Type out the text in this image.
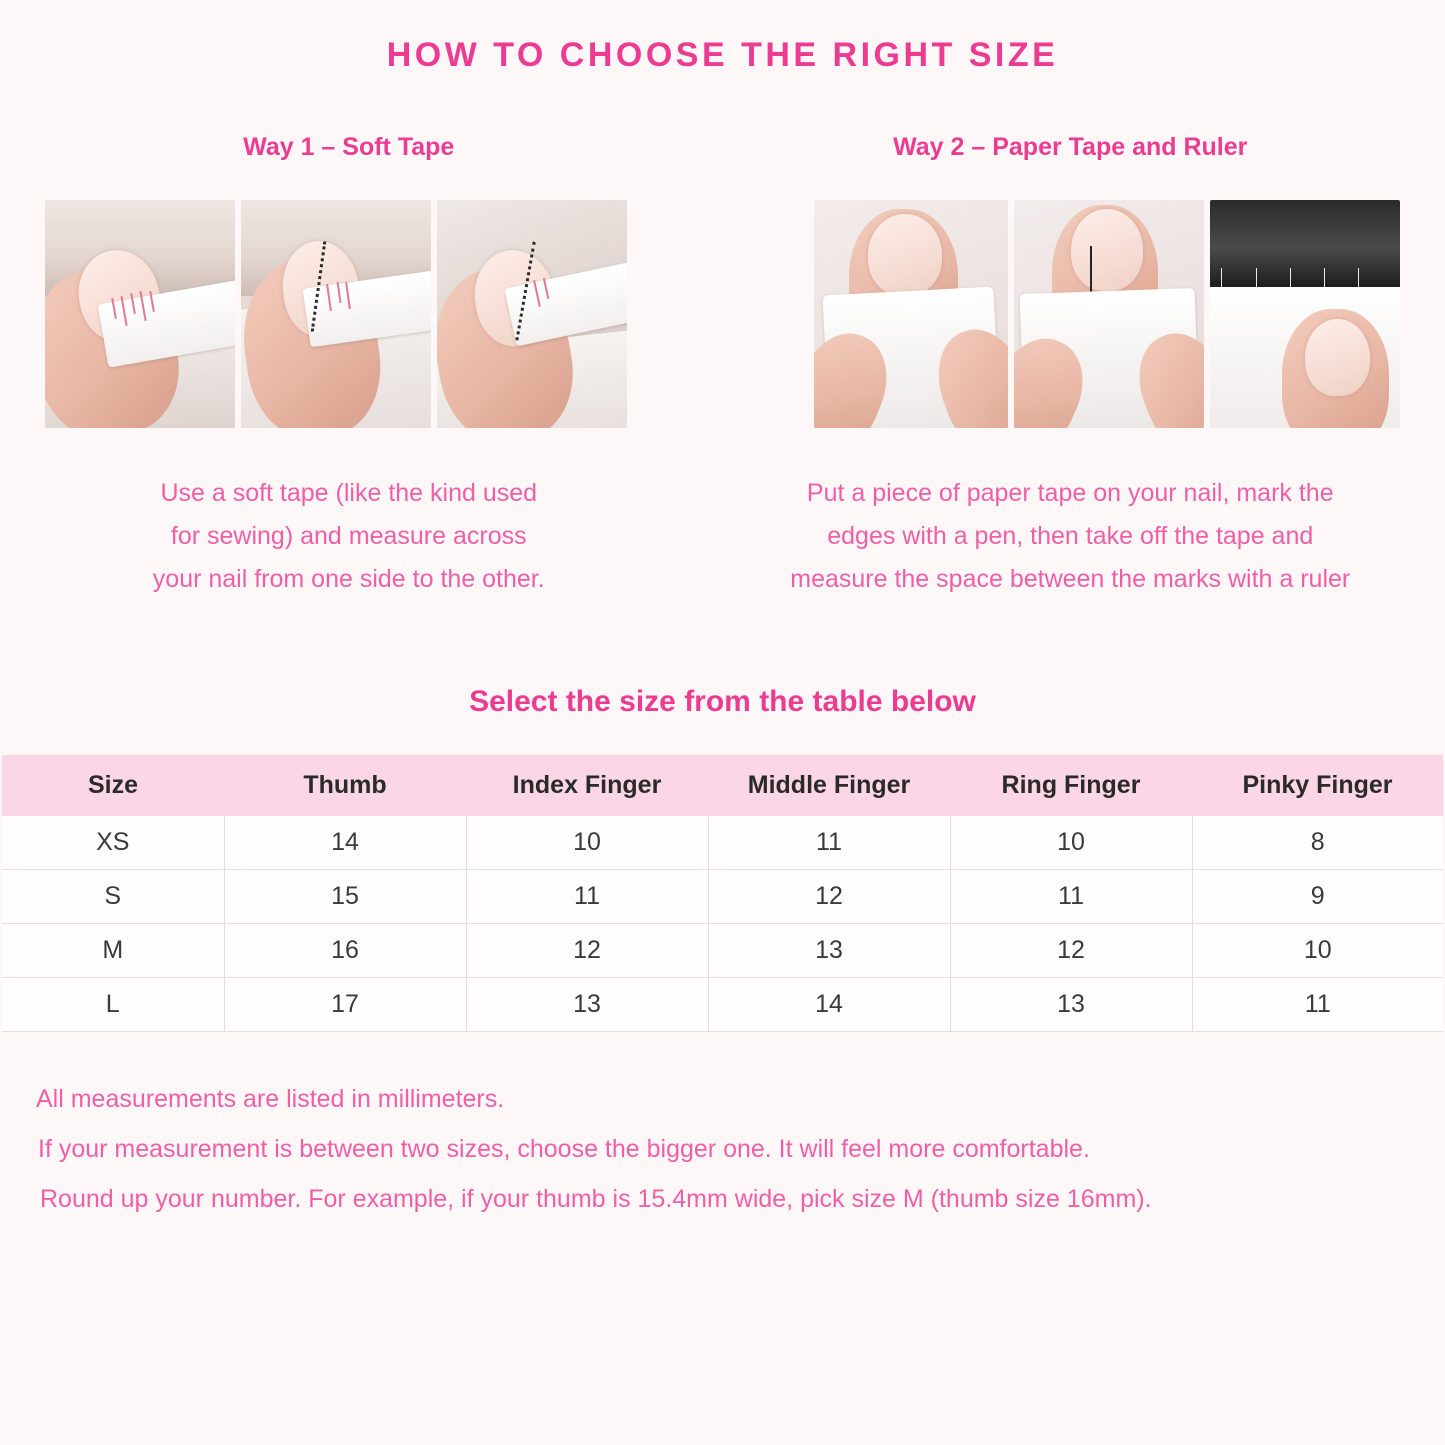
HOW TO CHOOSE THE RIGHT SIZE
Way 1 – Soft Tape
Use a soft tape (like the kind used
for sewing) and measure across
your nail from one side to the other.
Way 2 – Paper Tape and Ruler
Put a piece of paper tape on your nail, mark the
edges with a pen, then take off the tape and
measure the space between the marks with a ruler
Select the size from the table below
Size	Thumb	Index Finger	Middle Finger	Ring Finger	Pinky Finger
XS	14	10	11	10	8
S	15	11	12	11	9
M	16	12	13	12	10
L	17	13	14	13	11
All measurements are listed in millimeters.
If your measurement is between two sizes, choose the bigger one. It will feel more comfortable.
Round up your number. For example, if your thumb is 15.4mm wide, pick size M (thumb size 16mm).
